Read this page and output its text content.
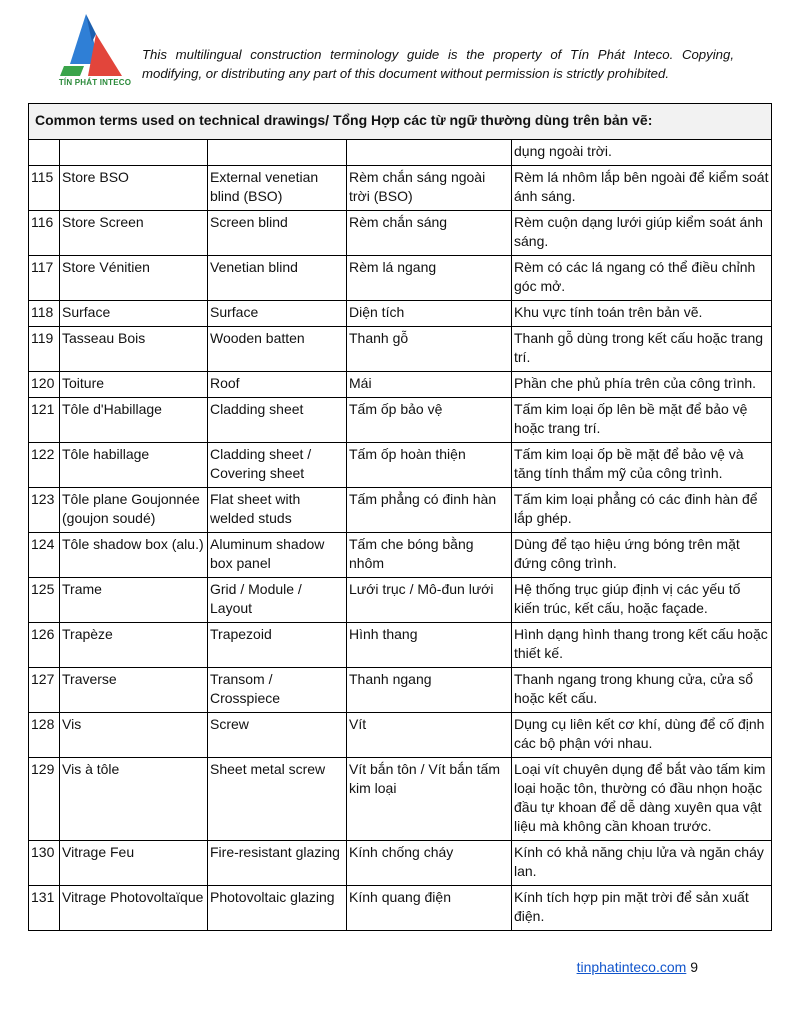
TÍN PHÁT INTECO
This multilingual construction terminology guide is the property of Tín Phát Inteco. Copying, modifying, or distributing any part of this document without permission is strictly prohibited.
Common terms used on technical drawings/ Tổng Hợp các từ ngữ thường dùng trên bản vẽ:				
				dụng ngoài trời.
115	Store BSO	External venetian blind (BSO)	Rèm chắn sáng ngoài trời (BSO)	Rèm lá nhôm lắp bên ngoài để kiểm soát ánh sáng.
116	Store Screen	Screen blind	Rèm chắn sáng	Rèm cuộn dạng lưới giúp kiểm soát ánh sáng.
117	Store Vénitien	Venetian blind	Rèm lá ngang	Rèm có các lá ngang có thể điều chỉnh góc mở.
118	Surface	Surface	Diện tích	Khu vực tính toán trên bản vẽ.
119	Tasseau Bois	Wooden batten	Thanh gỗ	Thanh gỗ dùng trong kết cấu hoặc trang trí.
120	Toiture	Roof	Mái	Phần che phủ phía trên của công trình.
121	Tôle d'Habillage	Cladding sheet	Tấm ốp bảo vệ	Tấm kim loại ốp lên bề mặt để bảo vệ hoặc trang trí.
122	Tôle habillage	Cladding sheet / Covering sheet	Tấm ốp hoàn thiện	Tấm kim loại ốp bề mặt để bảo vệ và tăng tính thẩm mỹ của công trình.
123	Tôle plane Goujonnée (goujon soudé)	Flat sheet with welded studs	Tấm phẳng có đinh hàn	Tấm kim loại phẳng có các đinh hàn để lắp ghép.
124	Tôle shadow box (alu.)	Aluminum shadow box panel	Tấm che bóng bằng nhôm	Dùng để tạo hiệu ứng bóng trên mặt đứng công trình.
125	Trame	Grid / Module / Layout	Lưới trục / Mô-đun lưới	Hệ thống trục giúp định vị các yếu tố kiến trúc, kết cấu, hoặc façade.
126	Trapèze	Trapezoid	Hình thang	Hình dạng hình thang trong kết cấu hoặc thiết kế.
127	Traverse	Transom / Crosspiece	Thanh ngang	Thanh ngang trong khung cửa, cửa sổ hoặc kết cấu.
128	Vis	Screw	Vít	Dụng cụ liên kết cơ khí, dùng để cố định các bộ phận với nhau.
129	Vis à tôle	Sheet metal screw	Vít bắn tôn / Vít bắn tấm kim loại	Loại vít chuyên dụng để bắt vào tấm kim loại hoặc tôn, thường có đầu nhọn hoặc đầu tự khoan để dễ dàng xuyên qua vật liệu mà không cần khoan trước.
130	Vitrage Feu	Fire-resistant glazing	Kính chống cháy	Kính có khả năng chịu lửa và ngăn cháy lan.
131	Vitrage Photovoltaïque	Photovoltaic glazing	Kính quang điện	Kính tích hợp pin mặt trời để sản xuất điện.
tinphatinteco.com 9
